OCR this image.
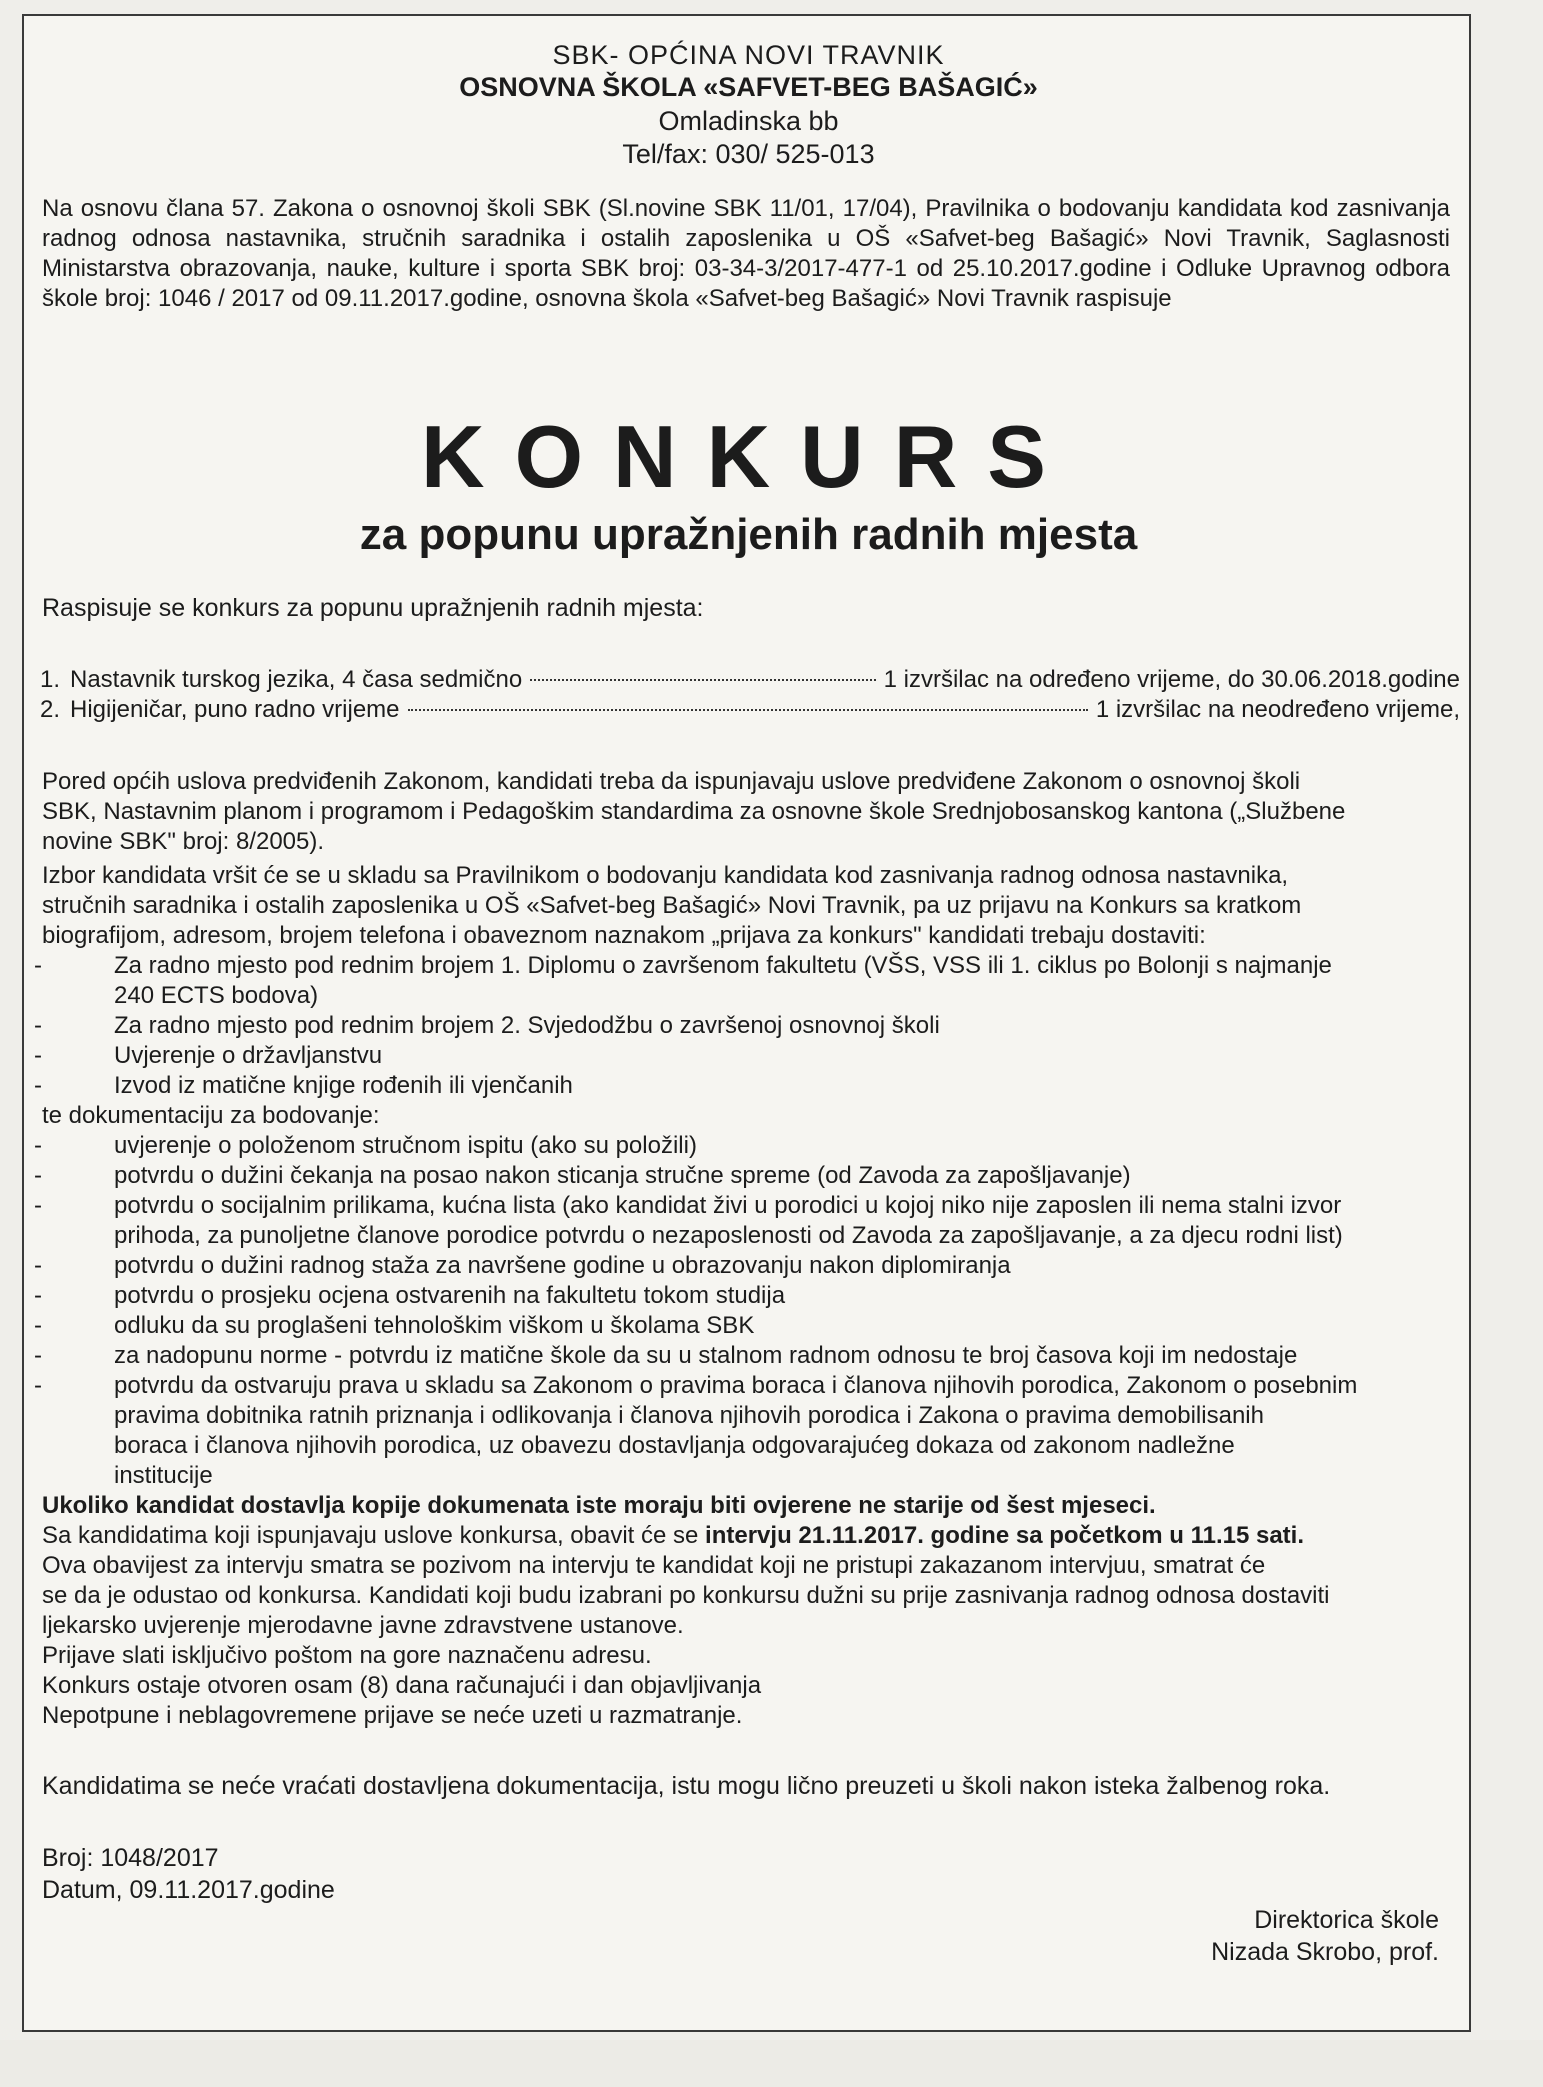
SBK- OPĆINA NOVI TRAVNIK
OSNOVNA ŠKOLA «SAFVET-BEG BAŠAGIĆ»
Omladinska bb
Tel/fax: 030/ 525-013
Na osnovu člana 57. Zakona o osnovnoj školi SBK (Sl.novine SBK 11/01, 17/04), Pravilnika o bodovanju kandidata kod zasnivanja radnog odnosa nastavnika, stručnih saradnika i ostalih zaposlenika u OŠ «Safvet-beg Bašagić» Novi Travnik, Saglasnosti Ministarstva obrazovanja, nauke, kulture i sporta SBK broj: 03-34-3/2017-477-1 od 25.10.2017.godine i Odluke Upravnog odbora škole broj: 1046 / 2017 od 09.11.2017.godine, osnovna škola «Safvet-beg Bašagić» Novi Travnik raspisuje
KONKURS
za popunu upražnjenih radnih mjesta
Raspisuje se konkurs za popunu upražnjenih radnih mjesta:
1. Nastavnik turskog jezika, 4 časa sedmično	1 izvršilac na određeno vrijeme, do 30.06.2018.godine
2. Higijeničar, puno radno vrijeme	1 izvršilac na neodređeno vrijeme,
Pored općih uslova predviđenih Zakonom, kandidati treba da ispunjavaju uslove predviđene Zakonom o osnovnoj školi
SBK, Nastavnim planom i programom i Pedagoškim standardima za osnovne škole Srednjobosanskog kantona („Službene
novine SBK" broj: 8/2005).
Izbor kandidata vršit će se u skladu sa Pravilnikom o bodovanju kandidata kod zasnivanja radnog odnosa nastavnika,
stručnih saradnika i ostalih zaposlenika u OŠ «Safvet-beg Bašagić» Novi Travnik, pa uz prijavu na Konkurs sa kratkom
biografijom, adresom, brojem telefona i obaveznom naznakom „prijava za konkurs" kandidati trebaju dostaviti:
-	Za radno mjesto pod rednim brojem 1. Diplomu o završenom fakultetu (VŠS, VSS ili 1. ciklus po Bolonji s najmanje
240 ECTS bodova)
-	Za radno mjesto pod rednim brojem 2. Svjedodžbu o završenoj osnovnoj školi
-	Uvjerenje o državljanstvu
-	Izvod iz matične knjige rođenih ili vjenčanih
te dokumentaciju za bodovanje:
-	uvjerenje o položenom stručnom ispitu (ako su položili)
-	potvrdu o dužini čekanja na posao nakon sticanja stručne spreme (od Zavoda za zapošljavanje)
-	potvrdu o socijalnim prilikama, kućna lista (ako kandidat živi u porodici u kojoj niko nije zaposlen ili nema stalni izvor
prihoda, za punoljetne članove porodice potvrdu o nezaposlenosti od Zavoda za zapošljavanje, a za djecu rodni list)
-	potvrdu o dužini radnog staža za navršene godine u obrazovanju nakon diplomiranja
-	potvrdu o prosjeku ocjena ostvarenih na fakultetu tokom studija
-	odluku da su proglašeni tehnološkim viškom u školama SBK
-	za nadopunu norme - potvrdu iz matične škole da su u stalnom radnom odnosu te broj časova koji im nedostaje
-	potvrdu da ostvaruju prava u skladu sa Zakonom o pravima boraca i članova njihovih porodica, Zakonom o posebnim
pravima dobitnika ratnih priznanja i odlikovanja i članova njihovih porodica i Zakona o pravima demobilisanih
boraca i članova njihovih porodica, uz obavezu dostavljanja odgovarajućeg dokaza od zakonom nadležne
institucije
Ukoliko kandidat dostavlja kopije dokumenata iste moraju biti ovjerene ne starije od šest mjeseci.
Sa kandidatima koji ispunjavaju uslove konkursa, obavit će se intervju 21.11.2017. godine sa početkom u 11.15 sati.
Ova obavijest za intervju smatra se pozivom na intervju te kandidat koji ne pristupi zakazanom intervjuu, smatrat će
se da je odustao od konkursa. Kandidati koji budu izabrani po konkursu dužni su prije zasnivanja radnog odnosa dostaviti
ljekarsko uvjerenje mjerodavne javne zdravstvene ustanove.
Prijave slati isključivo poštom na gore naznačenu adresu.
Konkurs ostaje otvoren osam (8) dana računajući i dan objavljivanja
Nepotpune i neblagovremene prijave se neće uzeti u razmatranje.
Kandidatima se neće vraćati dostavljena dokumentacija, istu mogu lično preuzeti u školi nakon isteka žalbenog roka.
Broj: 1048/2017
Datum, 09.11.2017.godine
Direktorica škole
Nizada Skrobo, prof.
